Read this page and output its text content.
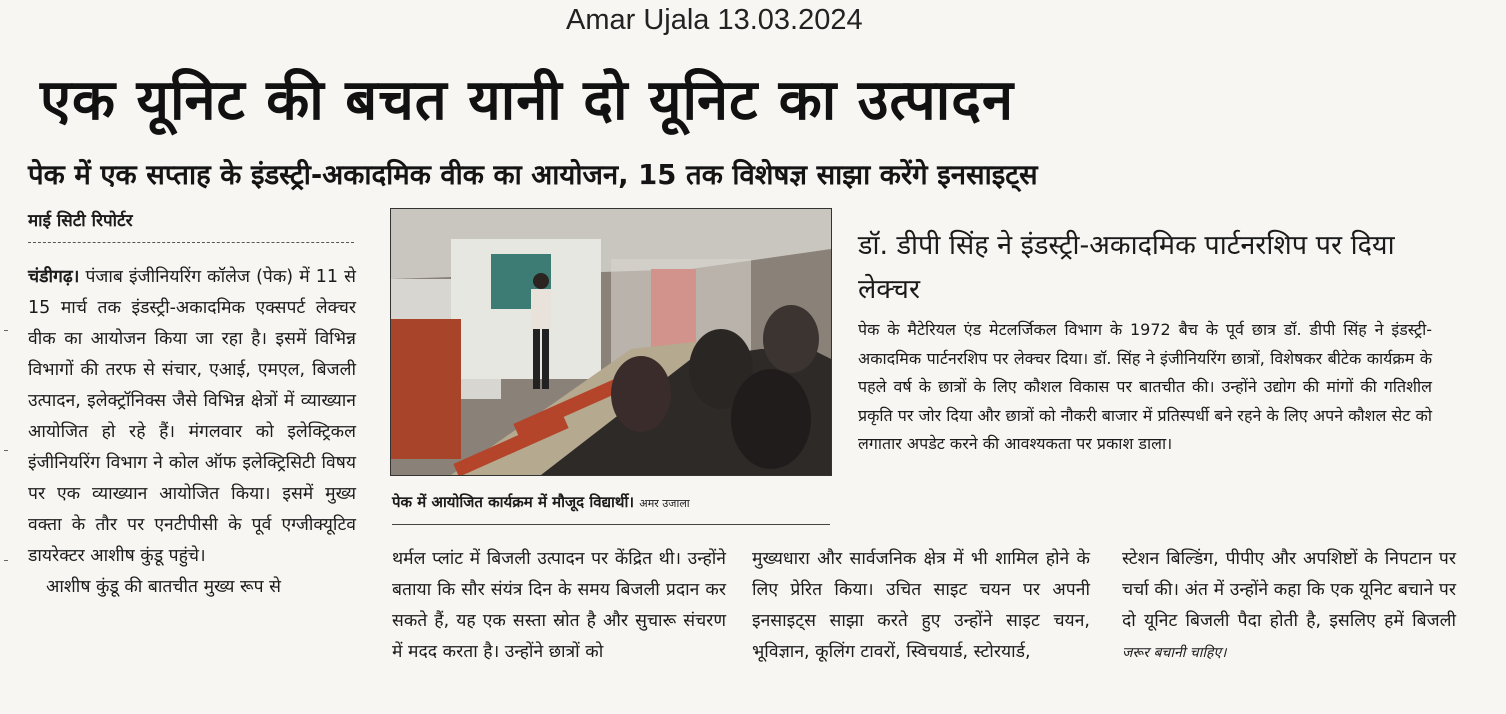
Amar Ujala 13.03.2024
एक यूनिट की बचत यानी दो यूनिट का उत्पादन
पेक में एक सप्ताह के इंडस्ट्री-अकादमिक वीक का आयोजन, 15 तक विशेषज्ञ साझा करेंगे इनसाइट्स
माई सिटी रिपोर्टर
चंडीगढ़। पंजाब इंजीनियरिंग कॉलेज (पेक) में 11 से 15 मार्च तक इंडस्ट्री-अकादमिक एक्सपर्ट लेक्चर वीक का आयोजन किया जा रहा है। इसमें विभिन्न विभागों की तरफ से संचार, एआई, एमएल, बिजली उत्पादन, इलेक्ट्रॉनिक्स जैसे विभिन्न क्षेत्रों में व्याख्यान आयोजित हो रहे हैं। मंगलवार को इलेक्ट्रिकल इंजीनियरिंग विभाग ने कोल ऑफ इलेक्ट्रिसिटी विषय पर एक व्याख्यान आयोजित किया। इसमें मुख्य वक्ता के तौर पर एनटीपीसी के पूर्व एग्जीक्यूटिव डायरेक्टर आशीष कुंडू पहुंचे।
आशीष कुंडू की बातचीत मुख्य रूप से
पेक में आयोजित कार्यक्रम में मौजूद विद्यार्थी। अमर उजाला
डॉ. डीपी सिंह ने इंडस्ट्री-अकादमिक पार्टनरशिप पर दिया लेक्चर
पेक के मैटेरियल एंड मेटलर्जिकल विभाग के 1972 बैच के पूर्व छात्र डॉ. डीपी सिंह ने इंडस्ट्री-अकादमिक पार्टनरशिप पर लेक्चर दिया। डॉ. सिंह ने इंजीनियरिंग छात्रों, विशेषकर बीटेक कार्यक्रम के पहले वर्ष के छात्रों के लिए कौशल विकास पर बातचीत की। उन्होंने उद्योग की मांगों की गतिशील प्रकृति पर जोर दिया और छात्रों को नौकरी बाजार में प्रतिस्पर्धी बने रहने के लिए अपने कौशल सेट को लगातार अपडेट करने की आवश्यकता पर प्रकाश डाला।
थर्मल प्लांट में बिजली उत्पादन पर केंद्रित थी। उन्होंने बताया कि सौर संयंत्र दिन के समय बिजली प्रदान कर सकते हैं, यह एक सस्ता स्रोत है और सुचारू संचरण में मदद करता है। उन्होंने छात्रों को
मुख्यधारा और सार्वजनिक क्षेत्र में भी शामिल होने के लिए प्रेरित किया। उचित साइट चयन पर अपनी इनसाइट्स साझा करते हुए उन्होंने साइट चयन, भूविज्ञान, कूलिंग टावरों, स्विचयार्ड, स्टोरयार्ड,
स्टेशन बिल्डिंग, पीपीए और अपशिष्टों के निपटान पर चर्चा की। अंत में उन्होंने कहा कि एक यूनिट बचाने पर दो यूनिट बिजली पैदा होती है, इसलिए हमें बिजली जरूर बचानी चाहिए।
